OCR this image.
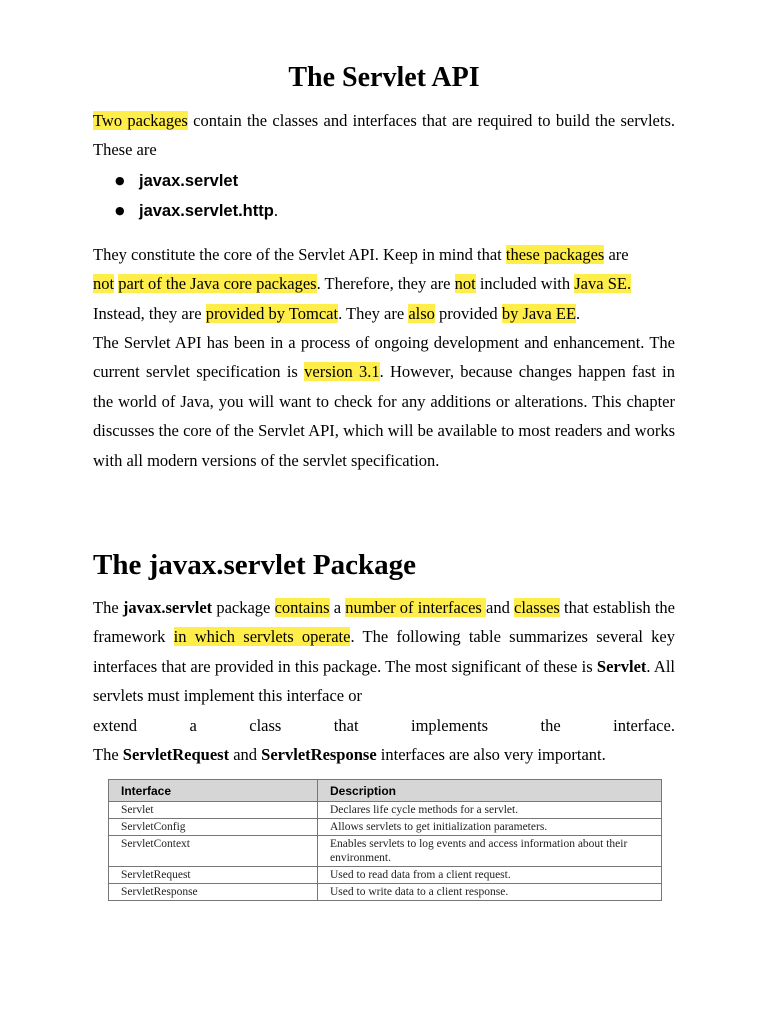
The Servlet API

Two packages contain the classes and interfaces that are required to build the servlets. These are

● javax.servlet
● javax.servlet.http.

They constitute the core of the Servlet API. Keep in mind that these packages are
not part of the Java core packages. Therefore, they are not included with Java SE.
Instead, they are provided by Tomcat. They are also provided by Java EE.

The Servlet API has been in a process of ongoing development and enhancement. The current servlet specification is version 3.1. However, because changes happen fast in the world of Java, you will want to check for any additions or alterations. This chapter discusses the core of the Servlet API, which will be available to most readers and works with all modern versions of the servlet specification.

The javax.servlet Package

The javax.servlet package contains a number of interfaces and classes that establish the framework in which servlets operate. The following table summarizes several key interfaces that are provided in this package. The most significant of these is Servlet. All servlets must implement this interface or

extend	a	class	that	implements	the	interface.

The ServletRequest and ServletResponse interfaces are also very important.

Interface	Description
Servlet	Declares life cycle methods for a servlet.
ServletConfig	Allows servlets to get initialization parameters.
ServletContext	Enables servlets to log events and access information about their environment.
ServletRequest	Used to read data from a client request.
ServletResponse	Used to write data to a client response.
